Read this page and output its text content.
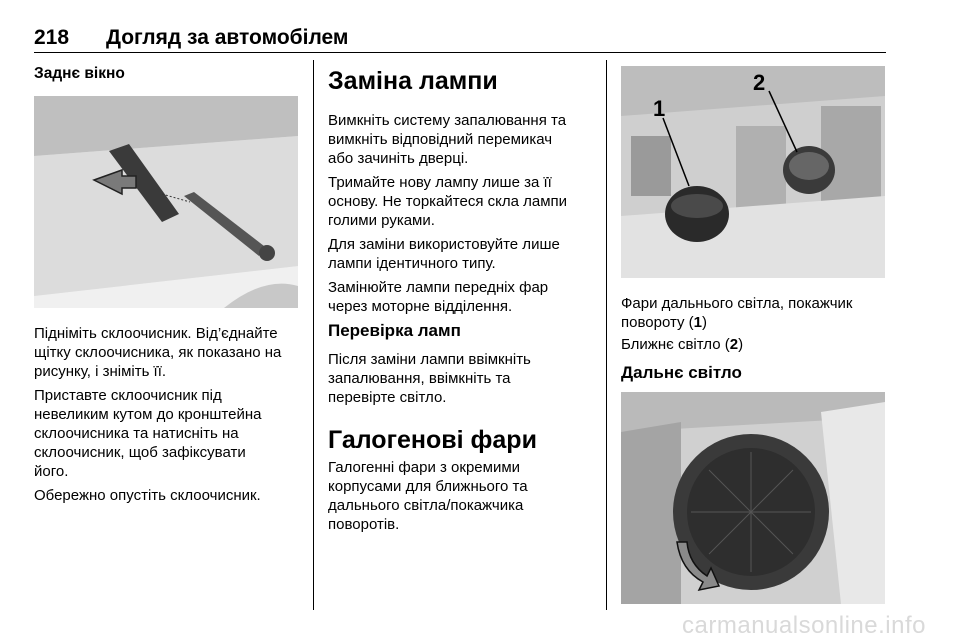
218 Догляд за автомобілем
Заднє вікно
Підніміть склоочисник. Від’єднайте
щітку склоочисника, як показано на
рисунку, і зніміть її.
Приставте склоочисник під
невеликим кутом до кронштейна
склоочисника та натисніть на
склоочисник, щоб зафіксувати
його.
Обережно опустіть склоочисник.
Заміна лампи
Вимкніть систему запалювання та
вимкніть відповідний перемикач
або зачиніть дверці.
Тримайте нову лампу лише за її
основу. Не торкайтеся скла лампи
голими руками.
Для заміни використовуйте лише
лампи ідентичного типу.
Замінюйте лампи передніх фар
через моторне відділення.
Перевірка ламп
Після заміни лампи ввімкніть
запалювання, ввімкніть та
перевірте світло.
Галогенові фари
Галогенні фари з окремими
корпусами для ближнього та
дальнього світла/покажчика
поворотів.
1
2
Фари дальнього світла, покажчик
повороту (1)
Ближнє світло (2)
Дальнє світло
carmanualsonline.info
